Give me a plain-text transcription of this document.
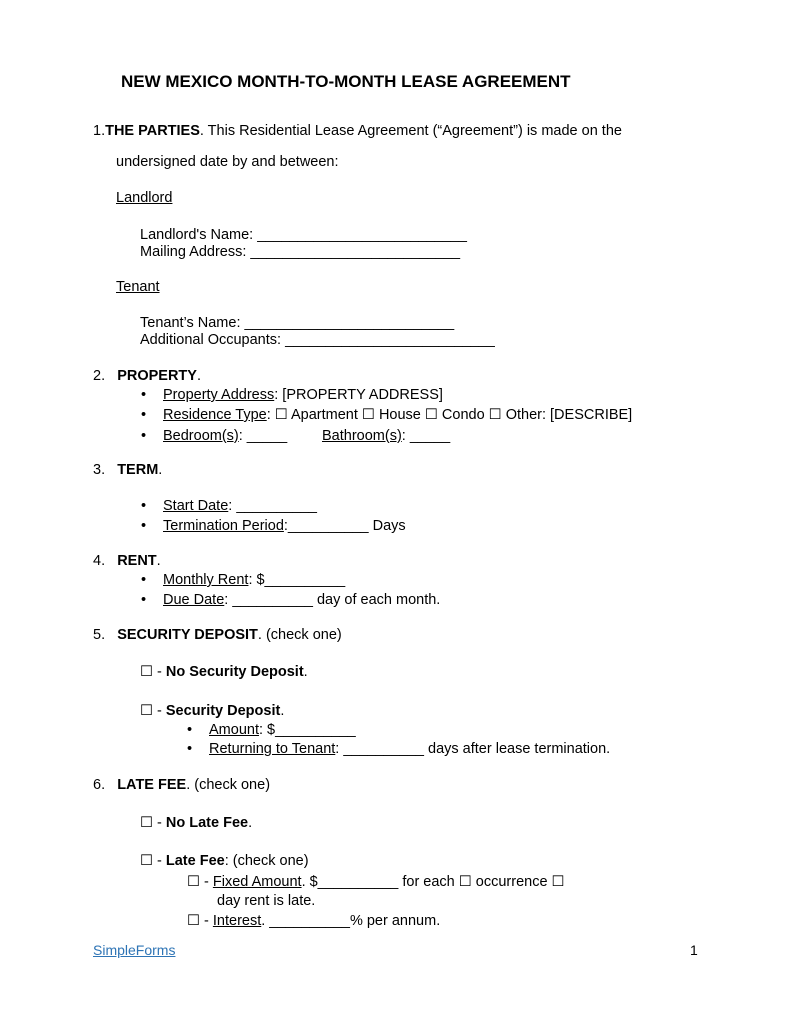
NEW MEXICO MONTH-TO-MONTH LEASE AGREEMENT
1.THE PARTIES. This Residential Lease Agreement (“Agreement”) is made on the
undersigned date by and between:
Landlord
Landlord's Name: __________________________
Mailing Address: __________________________
Tenant
Tenant’s Name: __________________________
Additional Occupants: __________________________
2. PROPERTY.
• Property Address: [PROPERTY ADDRESS]
• Residence Type: ☐ Apartment ☐ House ☐ Condo ☐ Other: [DESCRIBE]
• Bedroom(s): _____ Bathroom(s): _____
3. TERM.
• Start Date: __________
• Termination Period:__________ Days
4. RENT.
• Monthly Rent: $__________
• Due Date: __________ day of each month.
5. SECURITY DEPOSIT. (check one)
☐ - No Security Deposit.
☐ - Security Deposit.
• Amount: $__________
• Returning to Tenant: __________ days after lease termination.
6. LATE FEE. (check one)
☐ - No Late Fee.
☐ - Late Fee: (check one)
☐ - Fixed Amount. $__________ for each ☐ occurrence ☐
day rent is late.
☐ - Interest. __________% per annum.
SimpleForms	1
